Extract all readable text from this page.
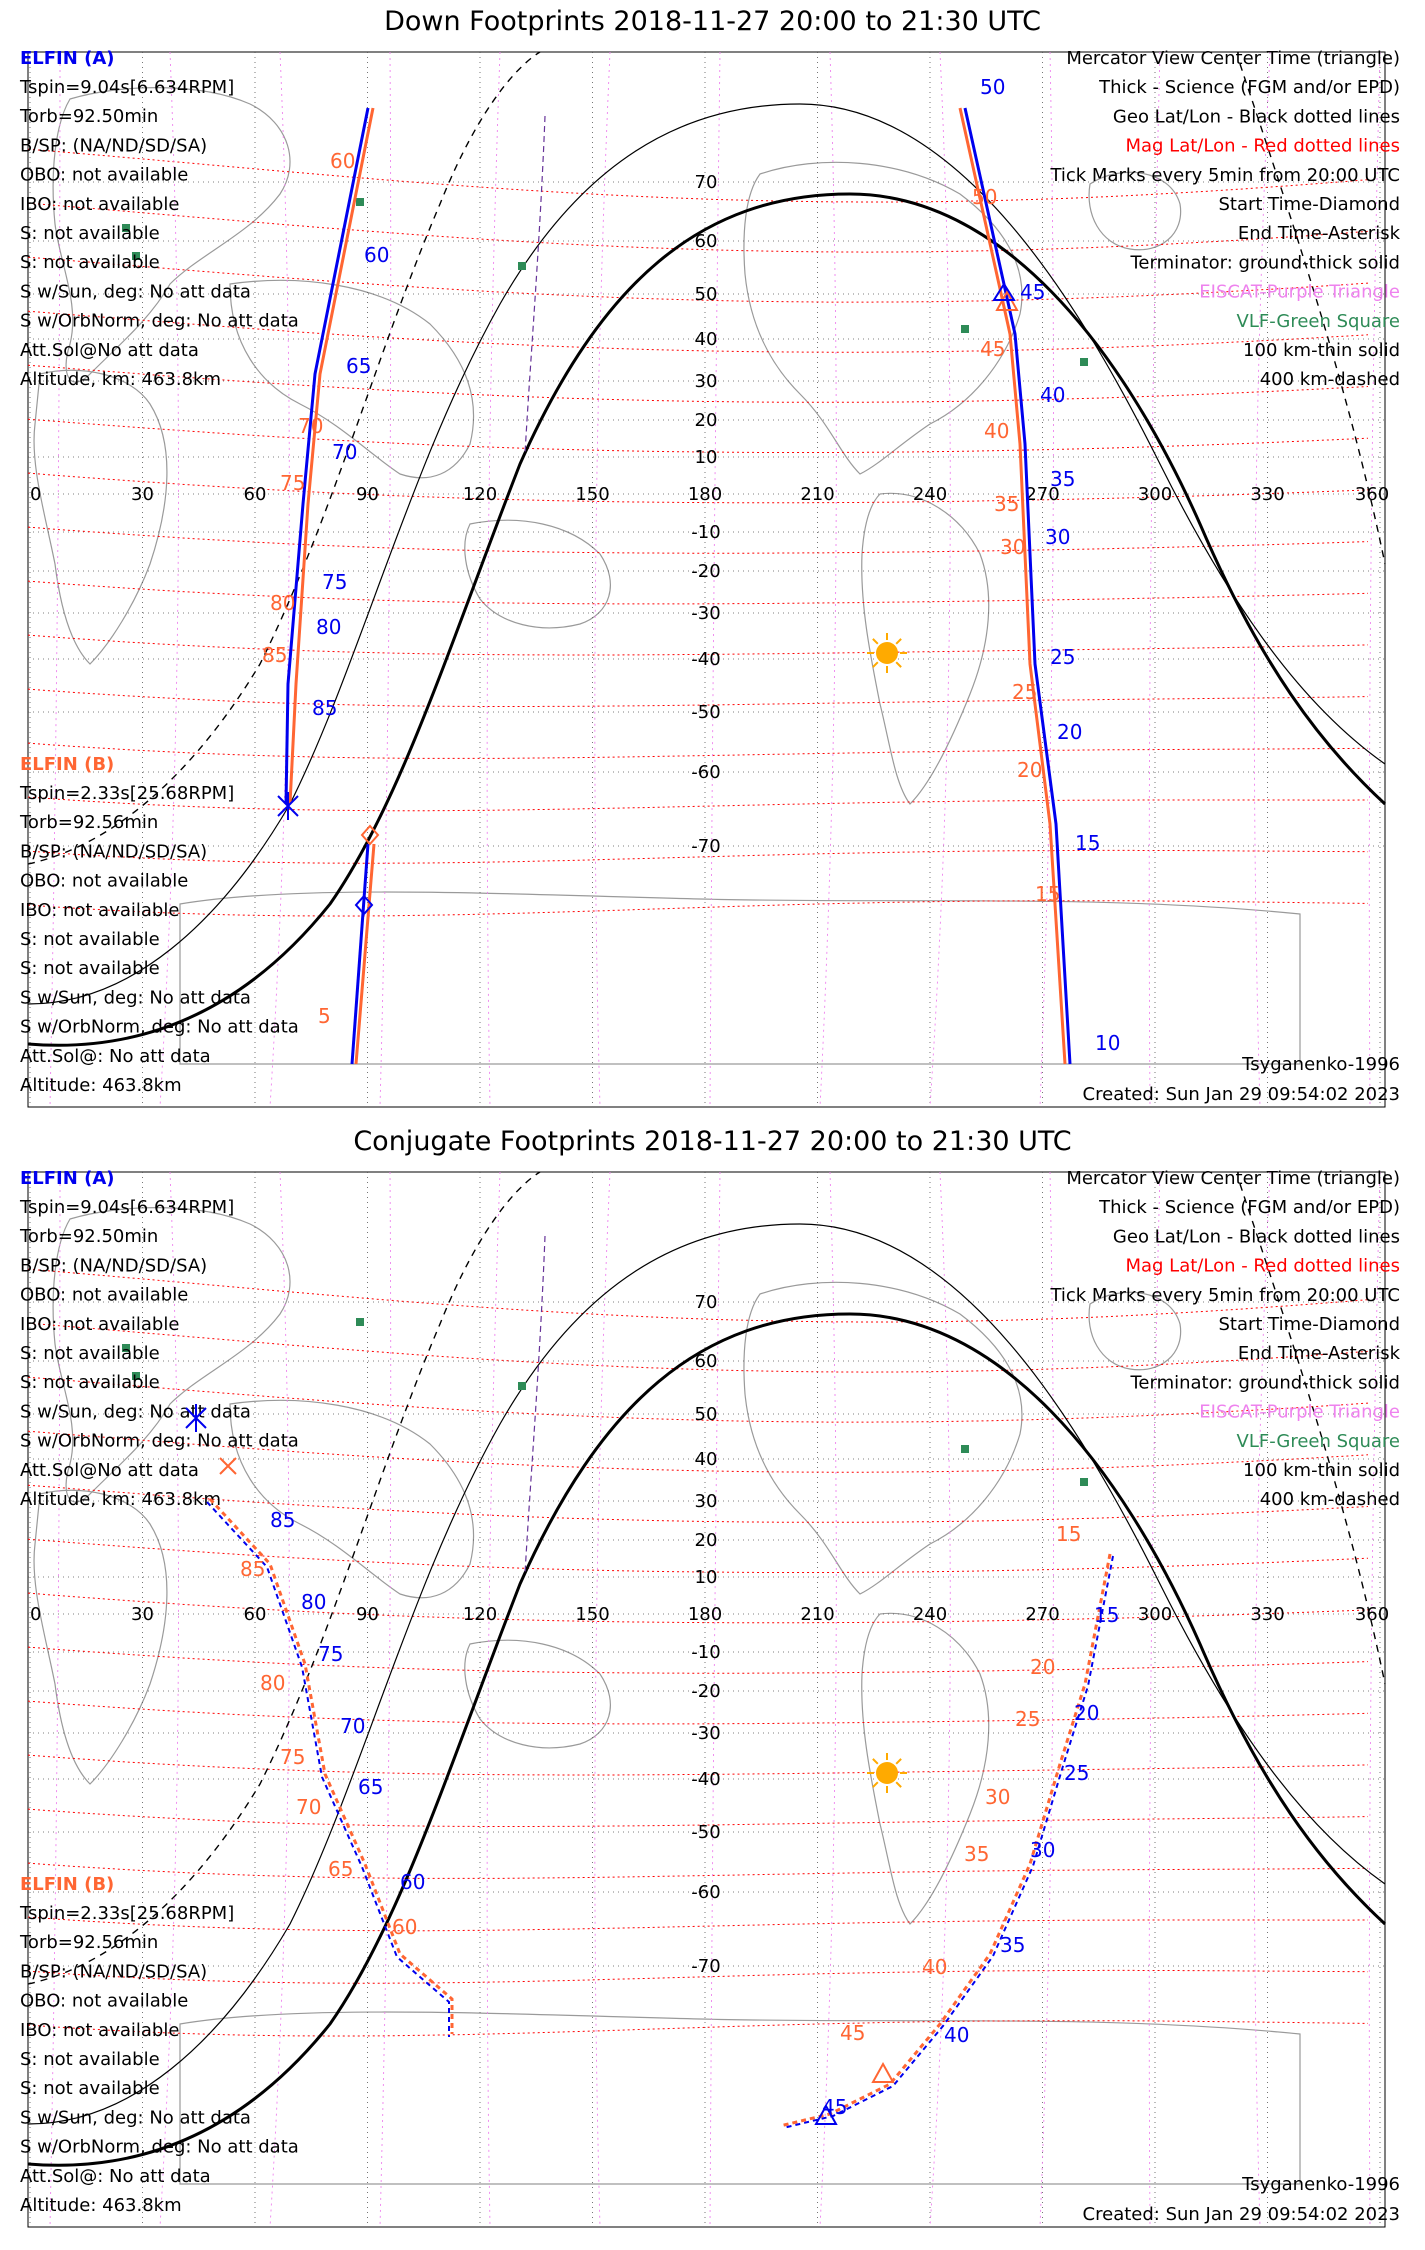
Down Footprints 2018-11-27 20:00 to 21:30 UTC
0	30	60	90	120	150	180	210	240	270	300	330	360
70
60
50
40
30
20
10
-10
-20
-30
-40
-50
-60
-70
ELFIN (A)
Tspin=9.04s[6.634RPM]
Torb=92.50min
B/SP: (NA/ND/SD/SA)
OBO: not available
IBO: not available
S: not available
S: not available
S w/Sun, deg: No att data
S w/OrbNorm, deg: No att data
Att.Sol@No att data
Altitude, km: 463.8km
ELFIN (B)
Tspin=2.33s[25.68RPM]
Torb=92.56min
B/SP: (NA/ND/SD/SA)
OBO: not available
IBO: not available
S: not available
S: not available
S w/Sun, deg: No att data
S w/OrbNorm, deg: No att data
Att.Sol@: No att data
Altitude: 463.8km
Mercator View Center Time (triangle)
Thick - Science (FGM and/or EPD)
Geo Lat/Lon - Black dotted lines
Mag Lat/Lon - Red dotted lines
Tick Marks every 5min from 20:00 UTC
Start Time-Diamond
End Time-Asterisk
Terminator: ground-thick solid
EISCAT-Purple Triangle
VLF-Green Square
100 km-thin solid
400 km-dashed
Tsyganenko-1996
Created: Sun Jan 29 09:54:02 2023
50
45
40
35
30
25
20
15
10
60
65
70
75
80
85
50
45
40
35
30
25
20
15
60
70
75
80
85
5
Conjugate Footprints 2018-11-27 20:00 to 21:30 UTC
0	30	60	90	120	150	180	210	240	270	300	330	360
70
60
50
40
30
20
10
-10
-20
-30
-40
-50
-60
-70
ELFIN (A)
Tspin=9.04s[6.634RPM]
Torb=92.50min
B/SP: (NA/ND/SD/SA)
OBO: not available
IBO: not available
S: not available
S: not available
S w/Sun, deg: No att data
S w/OrbNorm, deg: No att data
Att.Sol@No att data
Altitude, km: 463.8km
ELFIN (B)
Tspin=2.33s[25.68RPM]
Torb=92.56min
B/SP: (NA/ND/SD/SA)
OBO: not available
IBO: not available
S: not available
S: not available
S w/Sun, deg: No att data
S w/OrbNorm, deg: No att data
Att.Sol@: No att data
Altitude: 463.8km
Mercator View Center Time (triangle)
Thick - Science (FGM and/or EPD)
Geo Lat/Lon - Black dotted lines
Mag Lat/Lon - Red dotted lines
Tick Marks every 5min from 20:00 UTC
Start Time-Diamond
End Time-Asterisk
Terminator: ground-thick solid
EISCAT-Purple Triangle
VLF-Green Square
100 km-thin solid
400 km-dashed
Tsyganenko-1996
Created: Sun Jan 29 09:54:02 2023
85
80
75
70
65
60
15
20
25
30
35
40
45
85
80
75
70
65
60
15
20
25
30
35
40
45
